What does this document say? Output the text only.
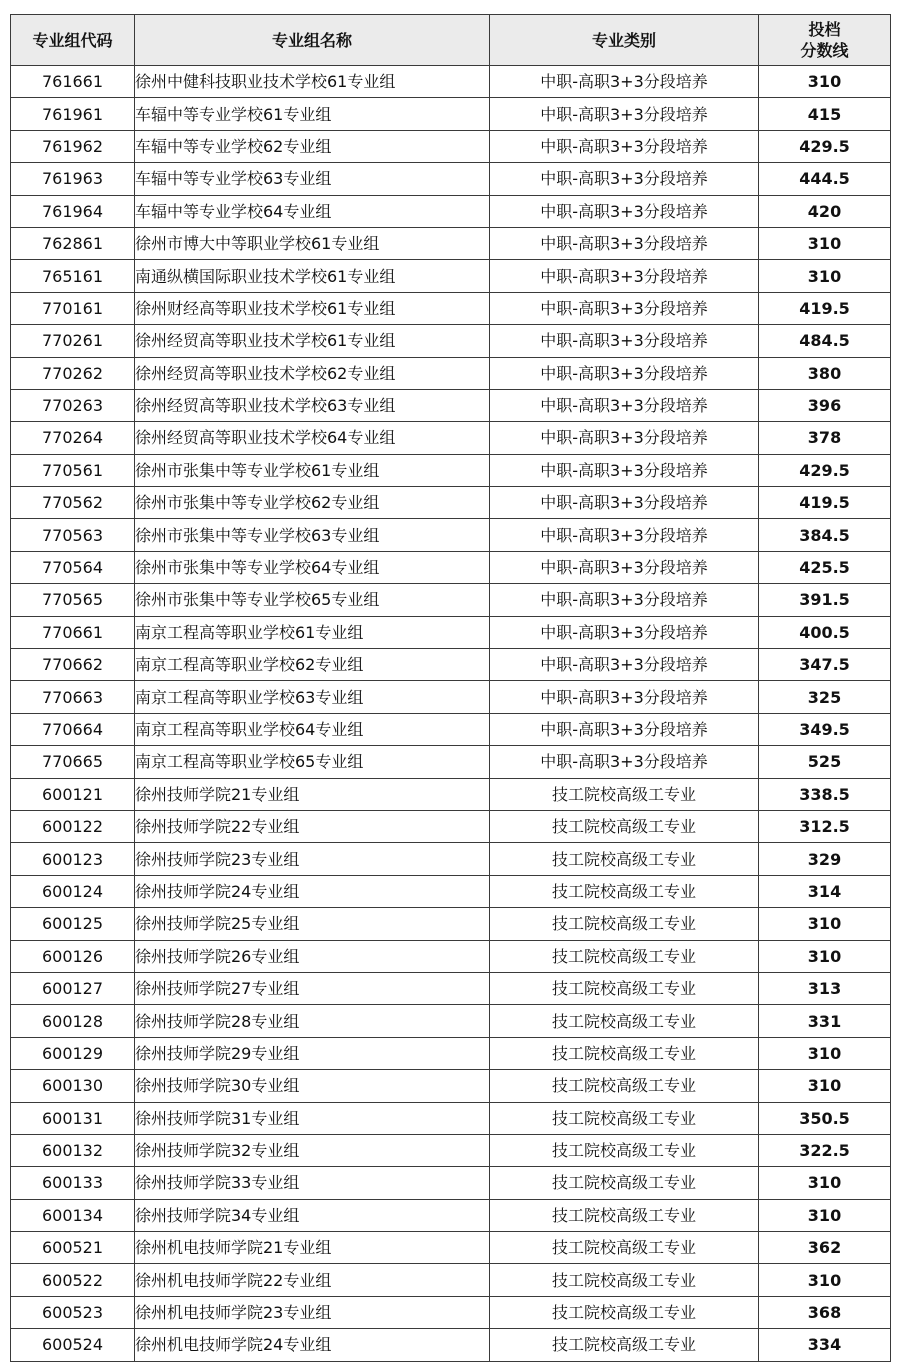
专业组代码	专业组名称	专业类别	投档
分数线

761661	徐州中健科技职业技术学校61专业组	中职-高职3+3分段培养	310
761961	车辐中等专业学校61专业组	中职-高职3+3分段培养	415
761962	车辐中等专业学校62专业组	中职-高职3+3分段培养	429.5
761963	车辐中等专业学校63专业组	中职-高职3+3分段培养	444.5
761964	车辐中等专业学校64专业组	中职-高职3+3分段培养	420
762861	徐州市博大中等职业学校61专业组	中职-高职3+3分段培养	310
765161	南通纵横国际职业技术学校61专业组	中职-高职3+3分段培养	310
770161	徐州财经高等职业技术学校61专业组	中职-高职3+3分段培养	419.5
770261	徐州经贸高等职业技术学校61专业组	中职-高职3+3分段培养	484.5
770262	徐州经贸高等职业技术学校62专业组	中职-高职3+3分段培养	380
770263	徐州经贸高等职业技术学校63专业组	中职-高职3+3分段培养	396
770264	徐州经贸高等职业技术学校64专业组	中职-高职3+3分段培养	378
770561	徐州市张集中等专业学校61专业组	中职-高职3+3分段培养	429.5
770562	徐州市张集中等专业学校62专业组	中职-高职3+3分段培养	419.5
770563	徐州市张集中等专业学校63专业组	中职-高职3+3分段培养	384.5
770564	徐州市张集中等专业学校64专业组	中职-高职3+3分段培养	425.5
770565	徐州市张集中等专业学校65专业组	中职-高职3+3分段培养	391.5
770661	南京工程高等职业学校61专业组	中职-高职3+3分段培养	400.5
770662	南京工程高等职业学校62专业组	中职-高职3+3分段培养	347.5
770663	南京工程高等职业学校63专业组	中职-高职3+3分段培养	325
770664	南京工程高等职业学校64专业组	中职-高职3+3分段培养	349.5
770665	南京工程高等职业学校65专业组	中职-高职3+3分段培养	525
600121	徐州技师学院21专业组	技工院校高级工专业	338.5
600122	徐州技师学院22专业组	技工院校高级工专业	312.5
600123	徐州技师学院23专业组	技工院校高级工专业	329
600124	徐州技师学院24专业组	技工院校高级工专业	314
600125	徐州技师学院25专业组	技工院校高级工专业	310
600126	徐州技师学院26专业组	技工院校高级工专业	310
600127	徐州技师学院27专业组	技工院校高级工专业	313
600128	徐州技师学院28专业组	技工院校高级工专业	331
600129	徐州技师学院29专业组	技工院校高级工专业	310
600130	徐州技师学院30专业组	技工院校高级工专业	310
600131	徐州技师学院31专业组	技工院校高级工专业	350.5
600132	徐州技师学院32专业组	技工院校高级工专业	322.5
600133	徐州技师学院33专业组	技工院校高级工专业	310
600134	徐州技师学院34专业组	技工院校高级工专业	310
600521	徐州机电技师学院21专业组	技工院校高级工专业	362
600522	徐州机电技师学院22专业组	技工院校高级工专业	310
600523	徐州机电技师学院23专业组	技工院校高级工专业	368
600524	徐州机电技师学院24专业组	技工院校高级工专业	334
